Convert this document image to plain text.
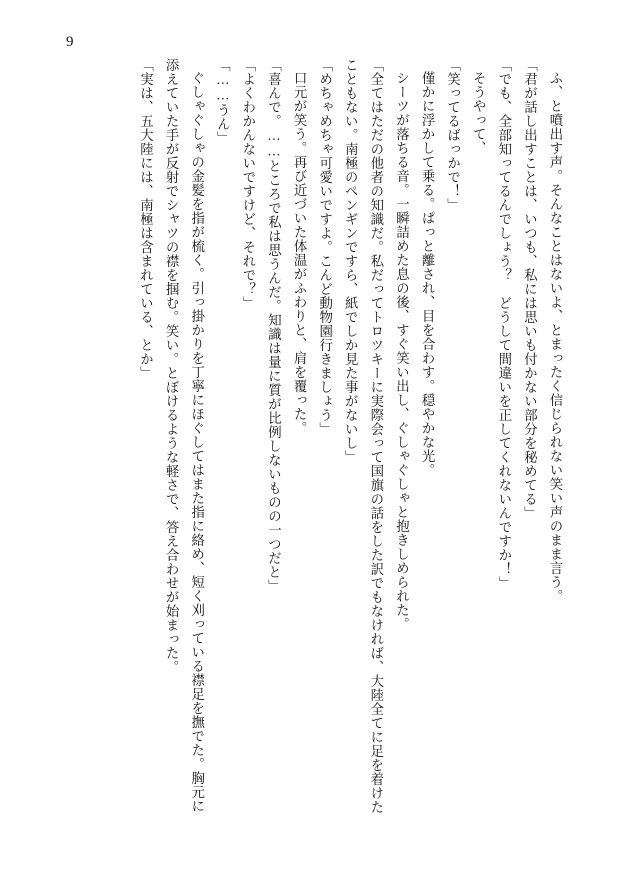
9

ふ、と噴出す声。そんなことはないよ、とまったく信じられない笑い声のまま言う。

「君が話し出すことは、いつも、私には思いも付かない部分を秘めてる」

「でも、全部知ってるんでしょう？　どうして間違いを正してくれないんですか！」

そうやって、

「笑ってるばっかで！」

僅かに浮かして乗る。ぱっと離され、目を合わす。穏やかな光。

シーツが落ちる音。一瞬詰めた息の後、すぐ笑い出し、ぐしゃぐしゃと抱きしめられた。

「全てはただの他者の知識だ。私だってトロツキーに実際会って国旗の話をした訳でもなければ、大陸全てに足を着けたこともない。南極のペンギンですら、紙でしか見た事がないし」

「めちゃめちゃ可愛いですよ。こんど動物園行きましょう」

口元が笑う。再び近づいた体温がふわりと、肩を覆った。

「喜んで。……ところで私は思うんだ。知識は量に質が比例しないものの一つだと」

「よくわかんないですけど、それで？」

「……うん」

ぐしゃぐしゃの金髪を指が梳く。引っ掛かりを丁寧にほぐしてはまた指に絡め、短く刈っている襟足を撫でた。胸元に添えていた手が反射でシャツの襟を掴む。笑い。とぼけるような軽さで、答え合わせが始まった。

「実は、五大陸には、南極は含まれている、とか」
